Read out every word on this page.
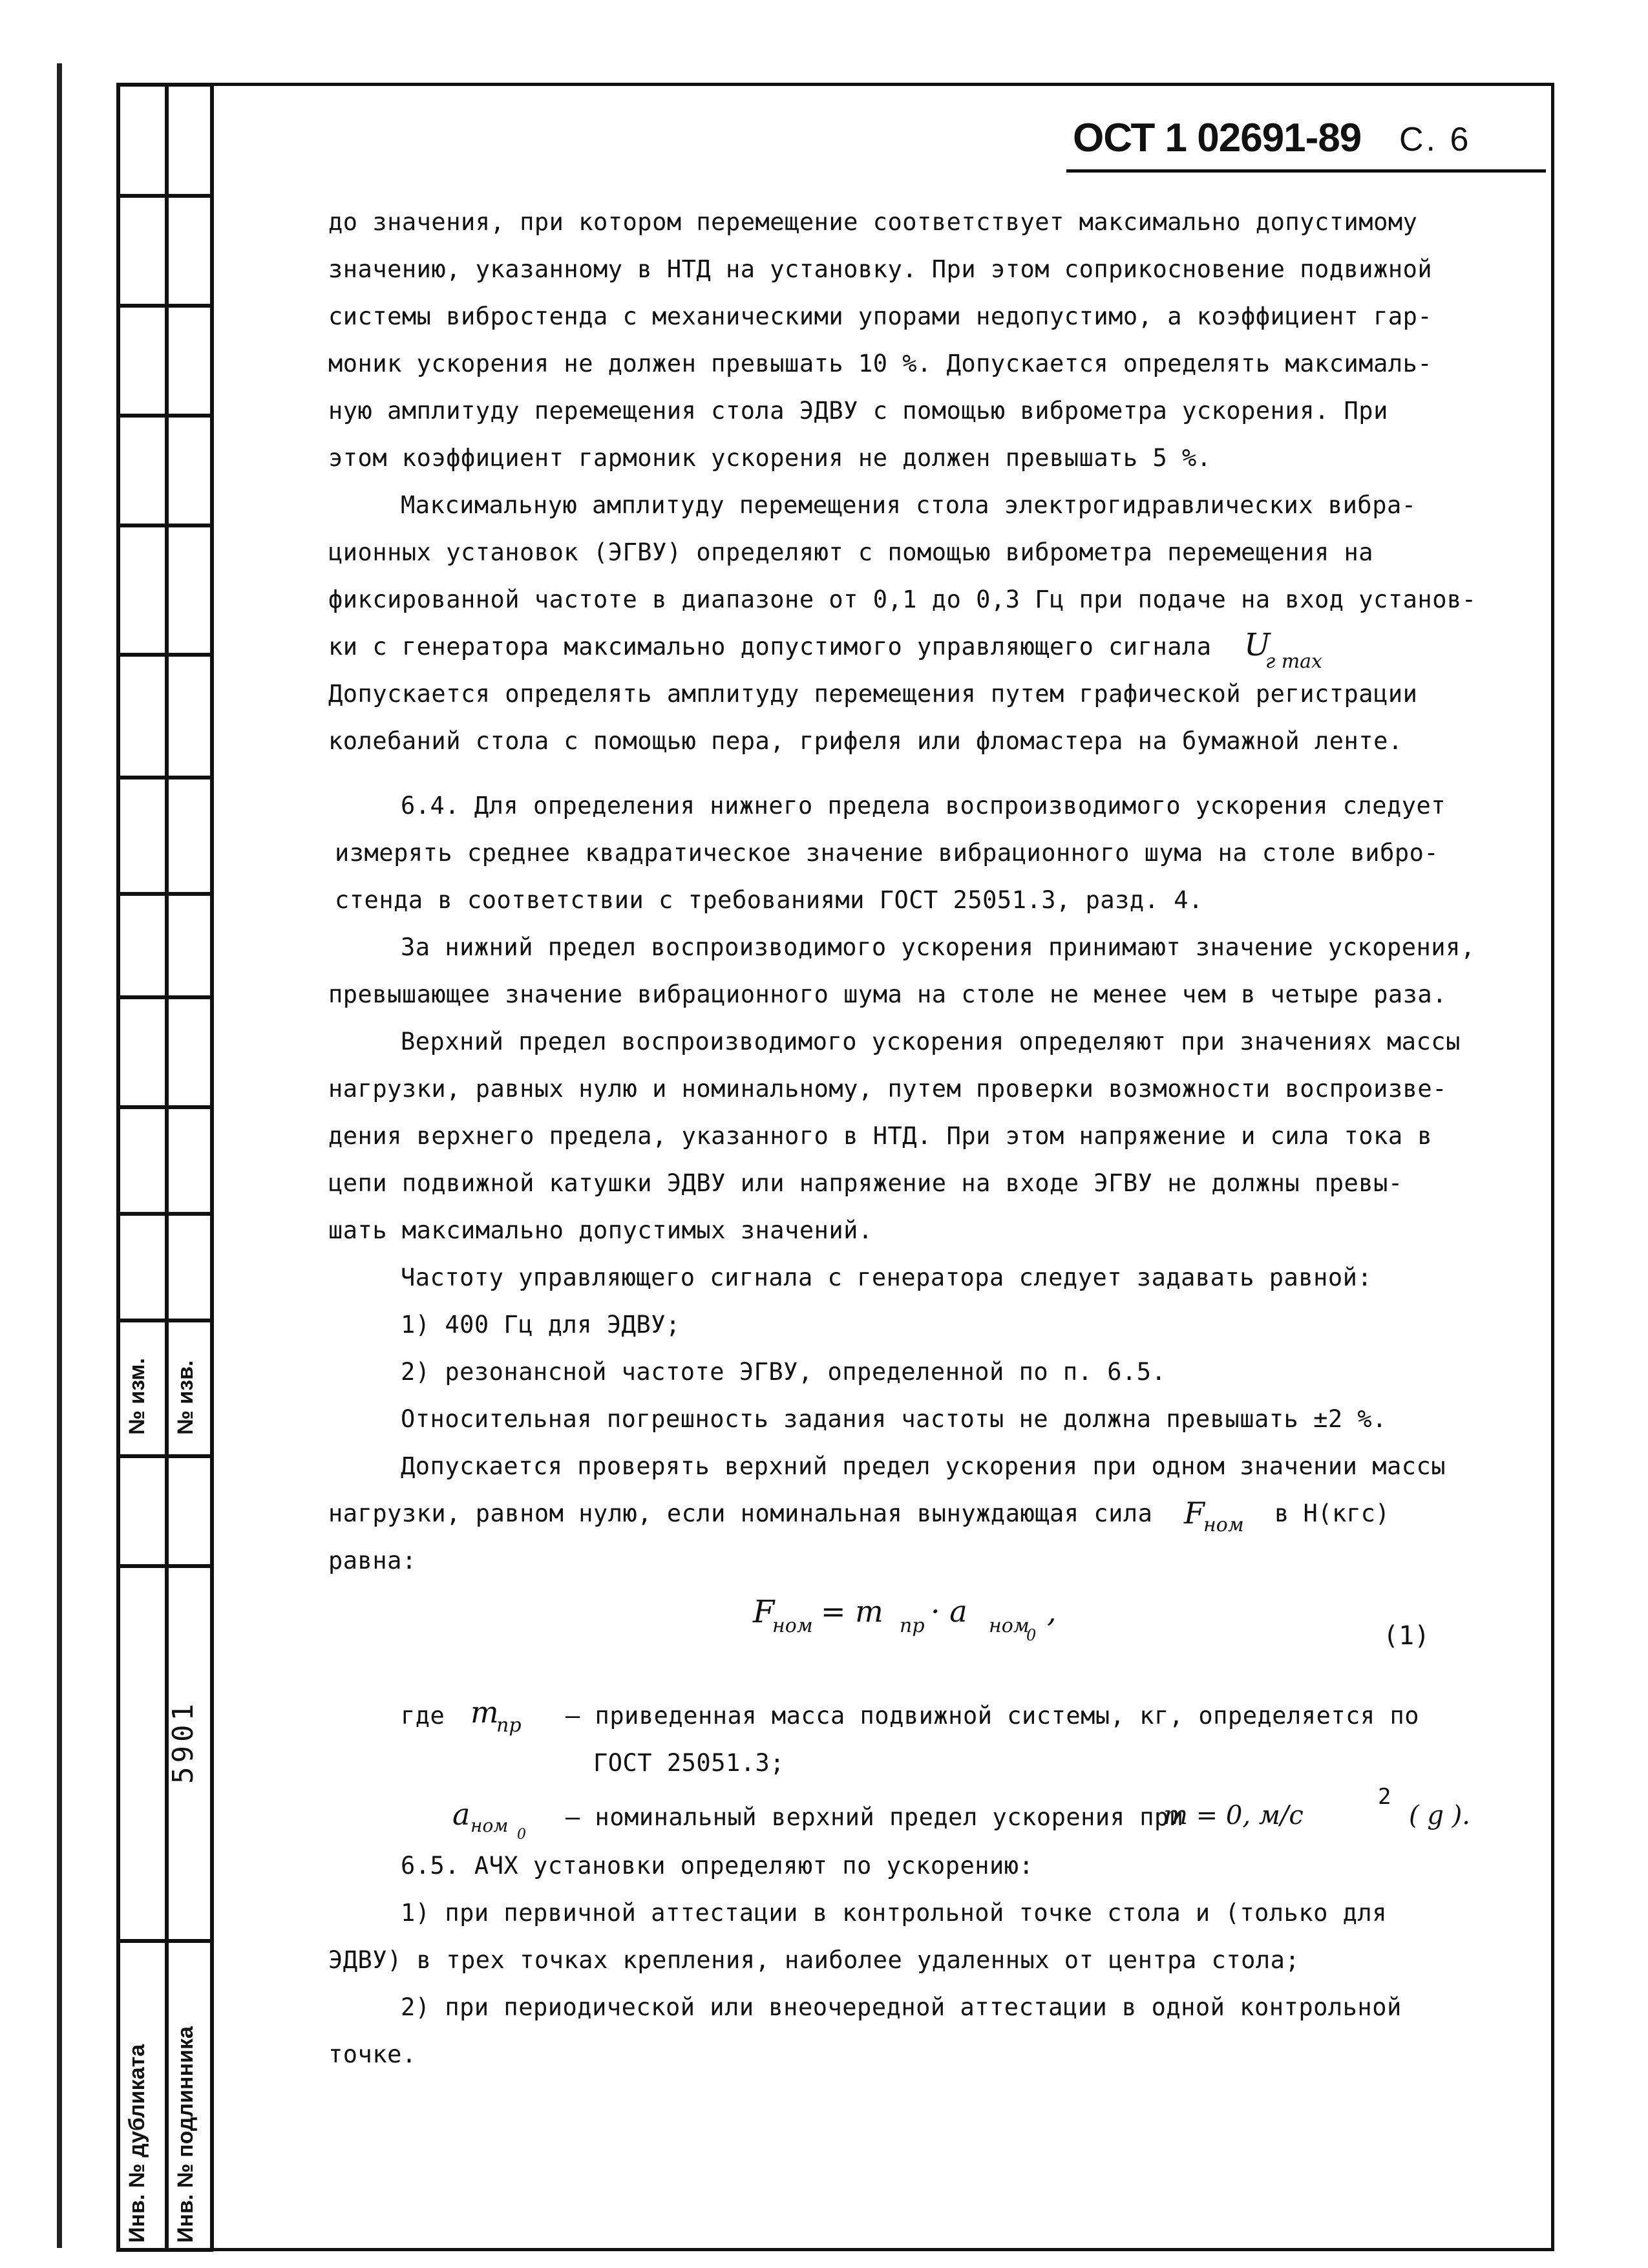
№ изм. № изв.
Инв. № дубликата Инв. № подлинника
5901
ОСТ 1 02691-89 С. 6
до значения, при котором перемещение соответствует максимально допустимому
значению, указанному в НТД на установку. При этом соприкосновение подвижной
системы вибростенда с механическими упорами недопустимо, а коэффициент гар-
моник ускорения не должен превышать 10 %. Допускается определять максималь-
ную амплитуду перемещения стола ЭДВУ с помощью виброметра ускорения. При
этом коэффициент гармоник ускорения не должен превышать 5 %.
Максимальную амплитуду перемещения стола электрогидравлических вибра-
ционных установок (ЭГВУ) определяют с помощью виброметра перемещения на
фиксированной частоте в диапазоне от 0,1 до 0,3 Гц при подаче на вход установ-
ки с генератора максимально допустимого управляющего сигнала U
г max
Допускается определять амплитуду перемещения путем графической регистрации
колебаний стола с помощью пера, грифеля или фломастера на бумажной ленте.
6.4. Для определения нижнего предела воспроизводимого ускорения следует
измерять среднее квадратическое значение вибрационного шума на столе вибро-
стенда в соответствии с требованиями ГОСТ 25051.3, разд. 4.
За нижний предел воспроизводимого ускорения принимают значение ускорения,
превышающее значение вибрационного шума на столе не менее чем в четыре раза.
Верхний предел воспроизводимого ускорения определяют при значениях массы
нагрузки, равных нулю и номинальному, путем проверки возможности воспроизве-
дения верхнего предела, указанного в НТД. При этом напряжение и сила тока в
цепи подвижной катушки ЭДВУ или напряжение на входе ЭГВУ не должны превы-
шать максимально допустимых значений.
Частоту управляющего сигнала с генератора следует задавать равной:
1) 400 Гц для ЭДВУ;
2) резонансной частоте ЭГВУ, определенной по п. 6.5.
Относительная погрешность задания частоты не должна превышать ±2 %.
Допускается проверять верхний предел ускорения при одном значении массы
нагрузки, равном нулю, если номинальная вынуждающая сила F
ном в Н(кгс)
равна:
F
ном = m пр · a ном
0
,
(1)
где m
пр – приведенная масса подвижной системы, кг, определяется по
ГОСТ 25051.3;
a ном 0
– номинальный верхний предел ускорения при
m = 0, м/с
2
( g ).
6.5. АЧХ установки определяют по ускорению:
1) при первичной аттестации в контрольной точке стола и (только для
ЭДВУ) в трех точках крепления, наиболее удаленных от центра стола;
2) при периодической или внеочередной аттестации в одной контрольной
точке.
